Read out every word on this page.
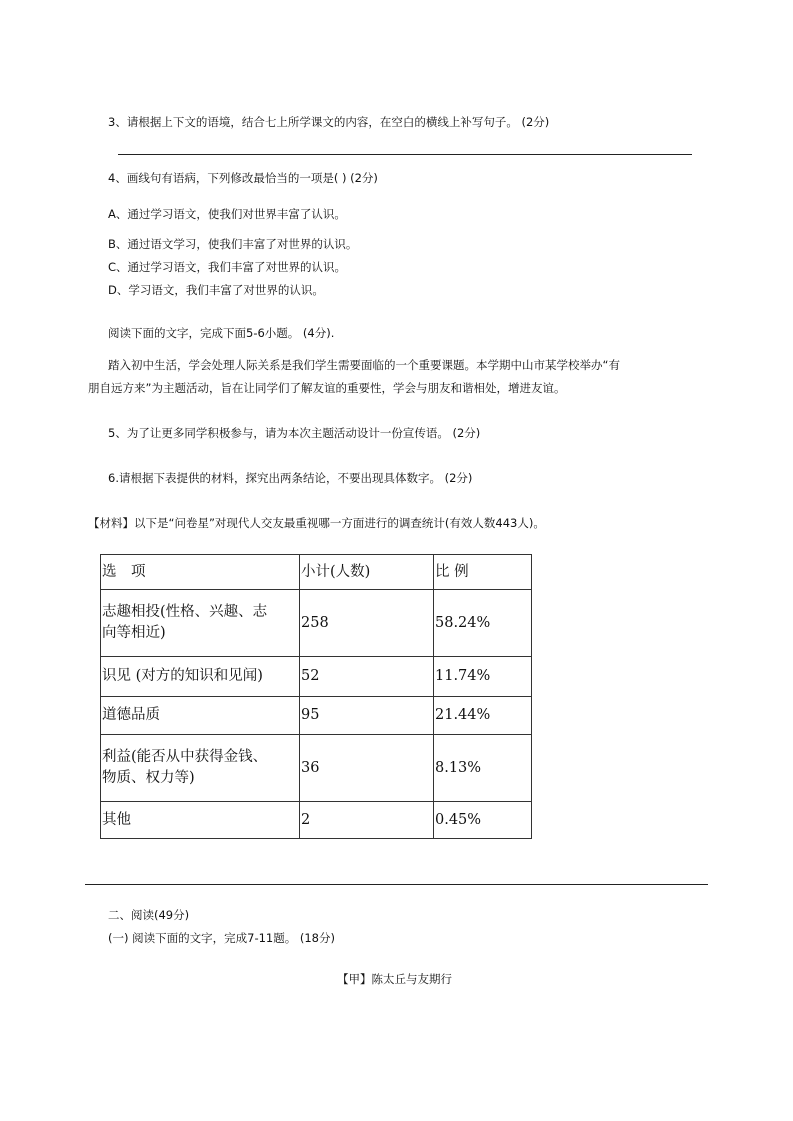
3、请根据上下文的语境，结合七上所学课文的内容，在空白的横线上补写句子。 (2分)
4、画线句有语病，下列修改最恰当的一项是( ) (2分)
A、通过学习语文，使我们对世界丰富了认识。
B、通过语文学习，使我们丰富了对世界的认识。
C、通过学习语文，我们丰富了对世界的认识。
D、学习语文，我们丰富了对世界的认识。
阅读下面的文字，完成下面5-6小题。 (4分).
踏入初中生活，学会处理人际关系是我们学生需要面临的一个重要课题。本学期中山市某学校举办“有
朋自远方来”为主题活动，旨在让同学们了解友谊的重要性，学会与朋友和谐相处，增进友谊。
5、为了让更多同学积极参与，请为本次主题活动设计一份宣传语。 (2分)
6.请根据下表提供的材料，探究出两条结论，不要出现具体数字。 (2分)
【材料】以下是“问卷星”对现代人交友最重视哪一方面进行的调查统计(有效人数443人)。
选　项	小计(人数)	比 例
志趣相投(性格、兴趣、志
向等相近)	258	58.24%
识见 (对方的知识和见闻)	52	11.74%
道德品质	95	21.44%
利益(能否从中获得金钱、
物质、权力等)	36	8.13%
其他	2	0.45%
二、阅读(49分)
(一) 阅读下面的文字，完成7-11题。 (18分)
【甲】陈太丘与友期行
